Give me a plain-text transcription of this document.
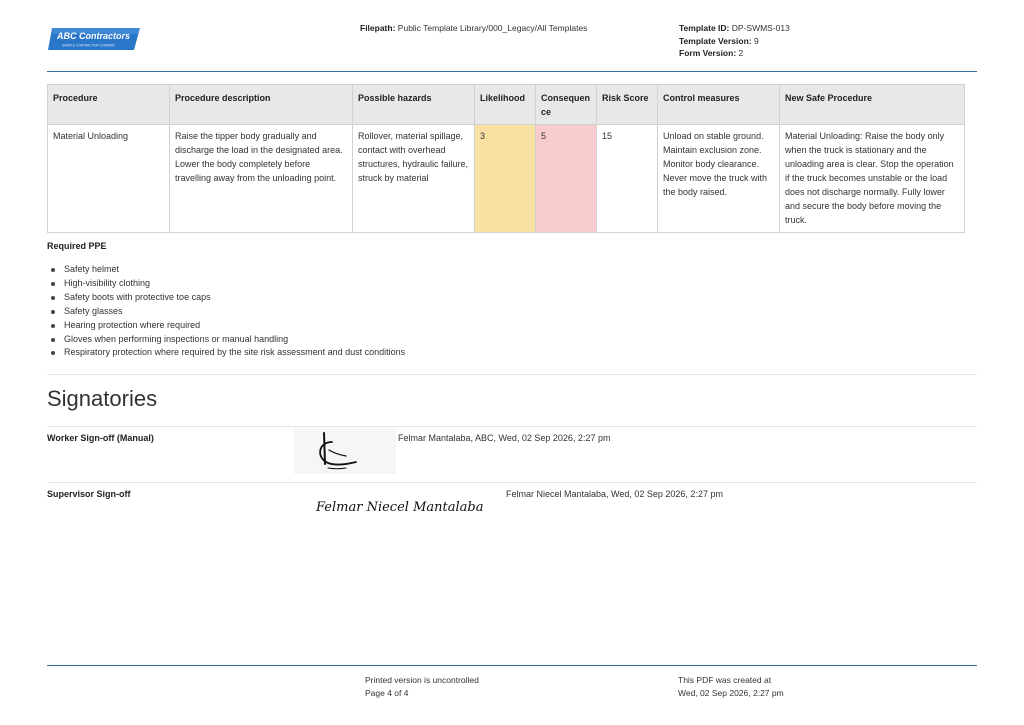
ABC Contractors
SAMPLE CONTRACTOR COMPANY
Filepath: Public Template Library/000_Legacy/All Templates	Template ID: DP-SWMS-013
Template Version: 9
Form Version: 2
Procedure	Procedure description	Possible hazards	Likelihood	Consequen ce	Risk Score	Control measures	New Safe Procedure
Material Unloading	Raise the tipper body gradually and discharge the load in the designated area. Lower the body completely before travelling away from the unloading point.	Rollover, material spillage, contact with overhead structures, hydraulic failure, struck by material	3	5	15	Unload on stable ground. Maintain exclusion zone. Monitor body clearance. Never move the truck with the body raised.	Material Unloading: Raise the body only when the truck is stationary and the unloading area is clear. Stop the operation if the truck becomes unstable or the load does not discharge normally. Fully lower and secure the body before moving the truck.
Required PPE
Safety helmet
High-visibility clothing
Safety boots with protective toe caps
Safety glasses
Hearing protection where required
Gloves when performing inspections or manual handling
Respiratory protection where required by the site risk assessment and dust conditions
Signatories
Worker Sign-off (Manual)	Felmar Mantalaba, ABC, Wed, 02 Sep 2026, 2:27 pm
Supervisor Sign-off
Felmar Niecel Mantalaba
Felmar Niecel Mantalaba, Wed, 02 Sep 2026, 2:27 pm
Printed version is uncontrolled
Page 4 of 4
This PDF was created at
Wed, 02 Sep 2026, 2:27 pm
